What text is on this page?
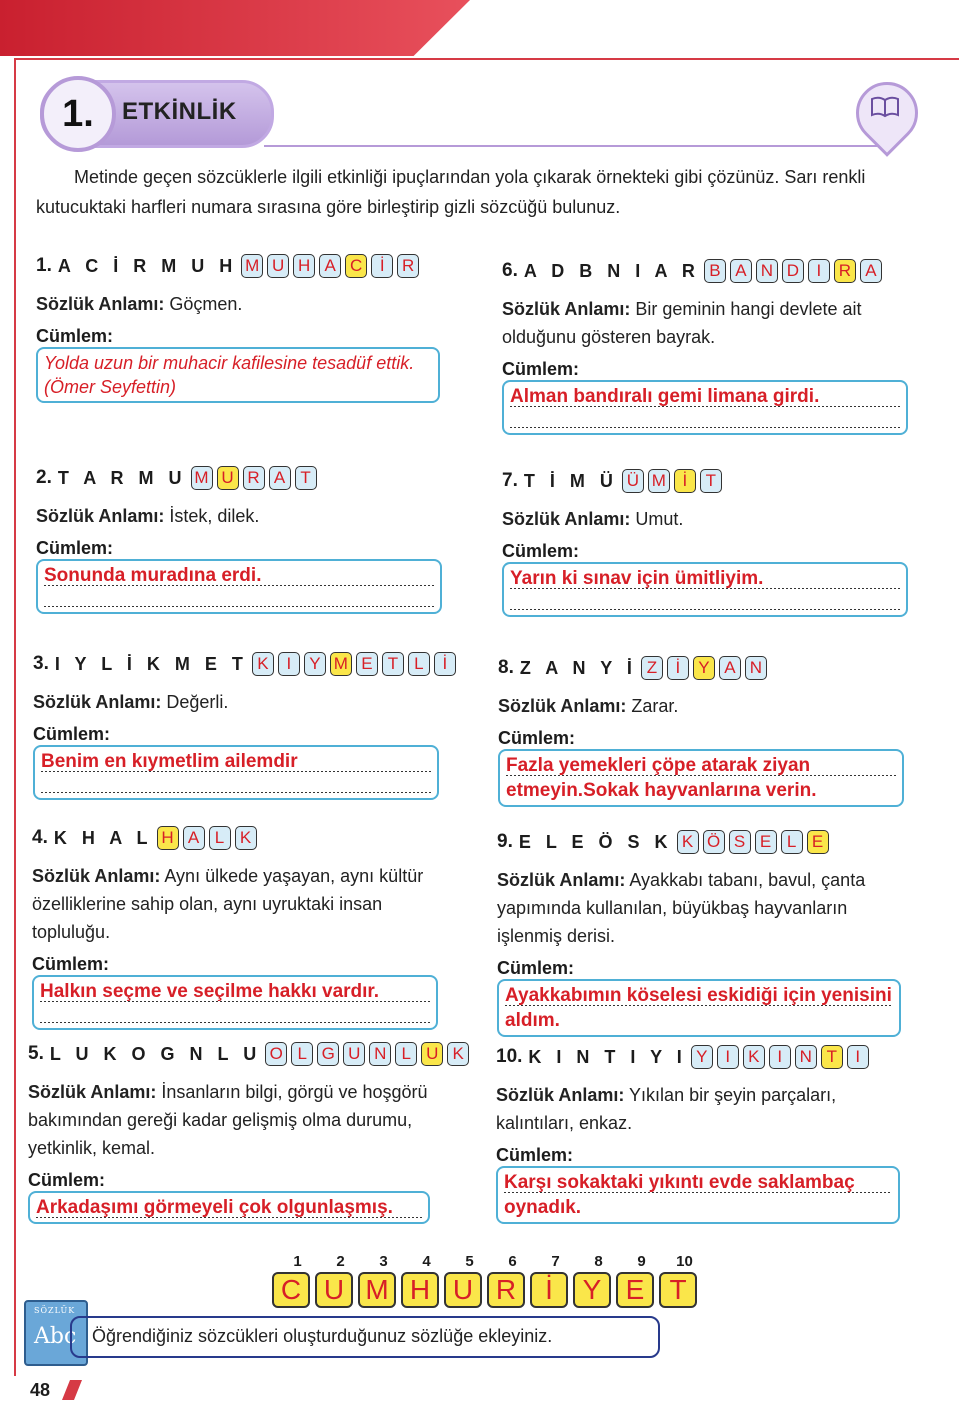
1.	ETKİNLİK
Metinde geçen sözcüklerle ilgili etkinliği ipuçlarından yola çıkarak örnekteki gibi çözünüz. Sarı renkli kutucuktaki harfleri numara sırasına göre birleştirip gizli sözcüğü bulunuz.
1. A C İ R M U H M U H A C	İ	R
Sözlük Anlamı: Göçmen.
Cümlem:
Yolda uzun bir muhacir kafilesine tesadüf ettik. (Ömer Seyfettin)
2. T A R M U M U R A T
Sözlük Anlamı: İstek, dilek.
Cümlem:
Sonunda muradına erdi.
3. I Y L İ K M E T K	I	Y M E T L	İ
Sözlük Anlamı: Değerli.
Cümlem:
Benim en kıymetlim ailemdir
4. K H A L H A L K
Sözlük Anlamı: Aynı ülkede yaşayan, aynı kültür özelliklerine sahip olan, aynı uyruktaki insan topluluğu.
Cümlem:
Halkın seçme ve seçilme hakkı vardır.
5. L U K O G N L U O L G U N L U K
Sözlük Anlamı: İnsanların bilgi, görgü ve hoşgörü bakımından gereği kadar gelişmiş olma durumu, yetkinlik, kemal.
Cümlem:
Arkadaşımı görmeyeli çok olgunlaşmış.
6. A D B N I A R B A N D	I	R A
Sözlük Anlamı: Bir geminin hangi devlete ait olduğunu gösteren bayrak.
Cümlem:
Alman bandıralı gemi limana girdi.
7. T İ M Ü Ü M İ	T
Sözlük Anlamı: Umut.
Cümlem:
Yarın ki sınav için ümitliyim.
8. Z A N Y İ Z	İ	Y A N
Sözlük Anlamı: Zarar.
Cümlem:
Fazla yemekleri çöpe atarak ziyan etmeyin.Sokak hayvanlarına verin.
9. E L E Ö S K K Ö S E L E
Sözlük Anlamı: Ayakkabı tabanı, bavul, çanta yapımında kullanılan, büyükbaş hayvanların işlenmiş derisi.
Cümlem:
Ayakkabımın köselesi eskidiği için yenisini aldım.
10. K I N T I Y I Y	I	K	I	N T	I
Sözlük Anlamı: Yıkılan bir şeyin parçaları, kalıntıları, enkaz.
Cümlem:
Karşı sokaktaki yıkıntı evde saklambaç oynadık.
1	2	3	4	5	6	7	8	9	10
C U M H U R	İ	Y E T
SÖZLÜK
Abc Öğrendiğiniz sözcükleri oluşturduğunuz sözlüğe ekleyiniz.
48
